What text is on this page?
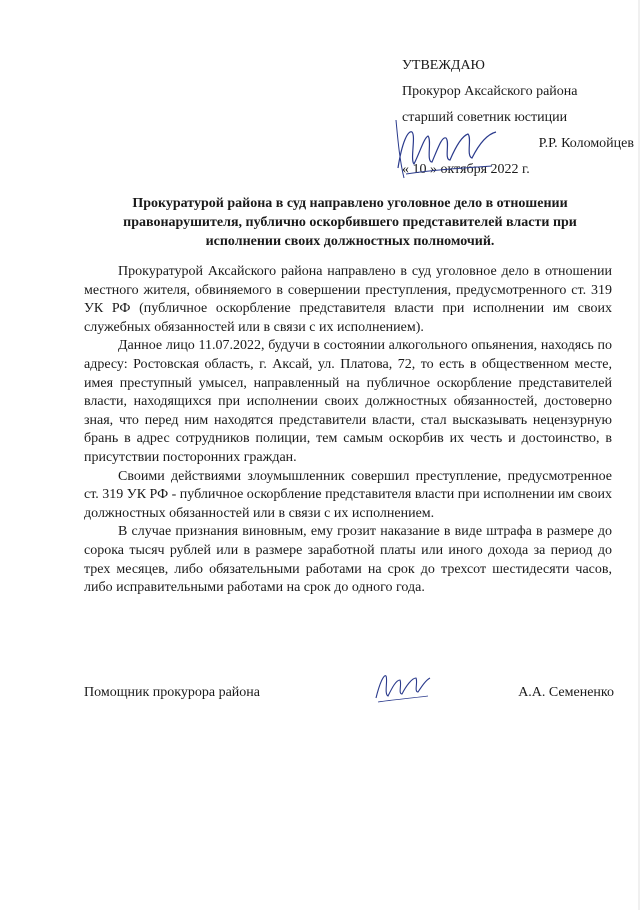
УТВЕЖДАЮ
Прокурор Аксайского района
старший советник юстиции
Р.Р. Коломойцев
« 10 » октября 2022 г.

Прокуратурой района в суд направлено уголовное дело в отношении правонарушителя, публично оскорбившего представителей власти при исполнении своих должностных полномочий.

Прокуратурой Аксайского района направлено в суд уголовное дело в отношении местного жителя, обвиняемого в совершении преступления, предусмотренного ст. 319 УК РФ (публичное оскорбление представителя власти при исполнении им своих служебных обязанностей или в связи с их исполнением).

Данное лицо 11.07.2022, будучи в состоянии алкогольного опьянения, находясь по адресу: Ростовская область, г. Аксай, ул. Платова, 72, то есть в общественном месте, имея преступный умысел, направленный на публичное оскорбление представителей власти, находящихся при исполнении своих должностных обязанностей, достоверно зная, что перед ним находятся представители власти, стал высказывать нецензурную брань в адрес сотрудников полиции, тем самым оскорбив их честь и достоинство, в присутствии посторонних граждан.

Своими действиями злоумышленник совершил преступление, предусмотренное ст. 319 УК РФ - публичное оскорбление представителя власти при исполнении им своих должностных обязанностей или в связи с их исполнением.

В случае признания виновным, ему грозит наказание в виде штрафа в размере до сорока тысяч рублей или в размере заработной платы или иного дохода за период до трех месяцев, либо обязательными работами на срок до трехсот шестидесяти часов, либо исправительными работами на срок до одного года.

Помощник прокурора района	А.А. Семененко
